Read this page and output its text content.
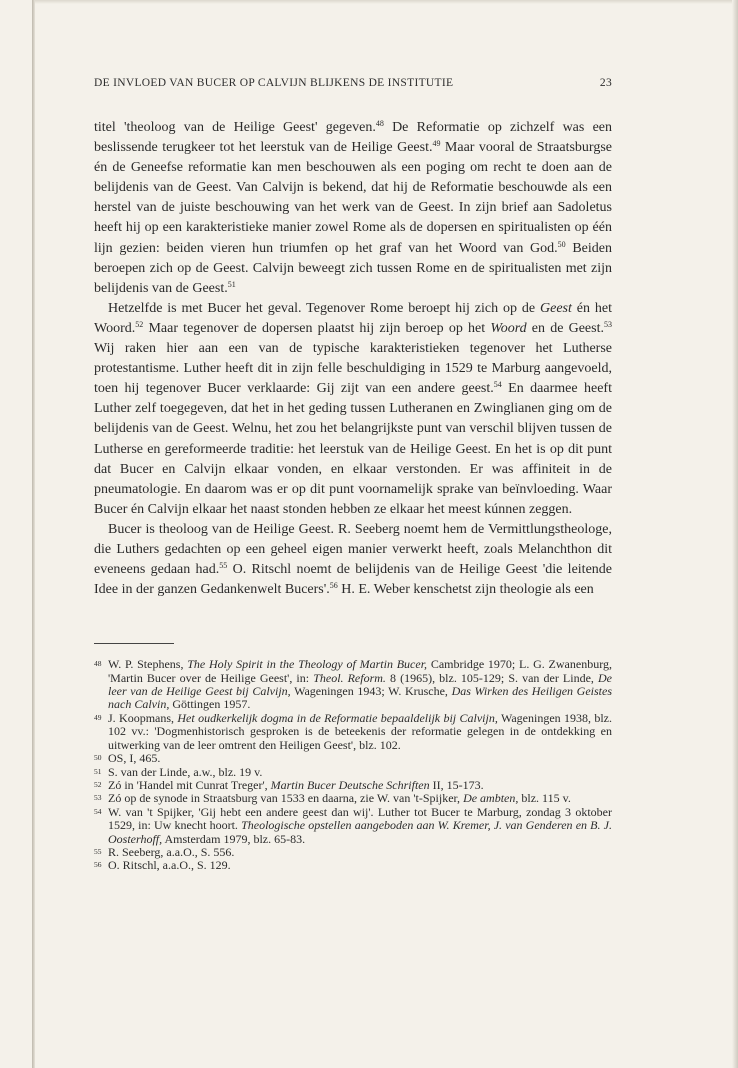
DE INVLOED VAN BUCER OP CALVIJN BLIJKENS DE INSTITUTIE	23

titel 'theoloog van de Heilige Geest' gegeven.$^{48}$ De Reformatie op zichzelf was een beslissende terugkeer tot het leerstuk van de Heilige Geest.$^{49}$ Maar vooral de Straatsburgse én de Geneefse reformatie kan men beschouwen als een poging om recht te doen aan de belijdenis van de Geest. Van Calvijn is bekend, dat hij de Reformatie beschouwde als een herstel van de juiste beschouwing van het werk van de Geest. In zijn brief aan Sadoletus heeft hij op een karakteristieke manier zowel Rome als de dopersen en spiritualisten op één lijn gezien: beiden vieren hun triumfen op het graf van het Woord van God.$^{50}$ Beiden beroepen zich op de Geest. Calvijn beweegt zich tussen Rome en de spiritualisten met zijn belijdenis van de Geest.$^{51}$

Hetzelfde is met Bucer het geval. Tegenover Rome beroept hij zich op de Geest én het Woord.$^{52}$ Maar tegenover de dopersen plaatst hij zijn beroep op het Woord en de Geest.$^{53}$ Wij raken hier aan een van de typische karakteristieken tegenover het Lutherse protestantisme. Luther heeft dit in zijn felle beschuldiging in 1529 te Marburg aangevoeld, toen hij tegenover Bucer verklaarde: Gij zijt van een andere geest.$^{54}$ En daarmee heeft Luther zelf toegegeven, dat het in het geding tussen Lutheranen en Zwinglianen ging om de belijdenis van de Geest. Welnu, het zou het belangrijkste punt van verschil blijven tussen de Lutherse en gereformeerde traditie: het leerstuk van de Heilige Geest. En het is op dit punt dat Bucer en Calvijn elkaar vonden, en elkaar verstonden. Er was affiniteit in de pneumatologie. En daarom was er op dit punt voornamelijk sprake van beïnvloeding. Waar Bucer én Calvijn elkaar het naast stonden hebben ze elkaar het meest kúnnen zeggen.

Bucer is theoloog van de Heilige Geest. R. Seeberg noemt hem de Vermittlungstheologe, die Luthers gedachten op een geheel eigen manier verwerkt heeft, zoals Melanchthon dit eveneens gedaan had.$^{55}$ O. Ritschl noemt de belijdenis van de Heilige Geest 'die leitende Idee in der ganzen Gedankenwelt Bucers'.$^{56}$ H. E. Weber kenschetst zijn theologie als een

48 W. P. Stephens, The Holy Spirit in the Theology of Martin Bucer, Cambridge 1970; L. G. Zwanenburg, 'Martin Bucer over de Heilige Geest', in: Theol. Reform. 8 (1965), blz. 105-129; S. van der Linde, De leer van de Heilige Geest bij Calvijn, Wageningen 1943; W. Krusche, Das Wirken des Heiligen Geistes nach Calvin, Göttingen 1957.
49 J. Koopmans, Het oudkerkelijk dogma in de Reformatie bepaaldelijk bij Calvijn, Wageningen 1938, blz. 102 vv.: 'Dogmenhistorisch gesproken is de beteekenis der reformatie gelegen in de ontdekking en uitwerking van de leer omtrent den Heiligen Geest', blz. 102.
50 OS, I, 465.
51 S. van der Linde, a.w., blz. 19 v.
52 Zó in 'Handel mit Cunrat Treger', Martin Bucer Deutsche Schriften II, 15-173.
53 Zó op de synode in Straatsburg van 1533 en daarna, zie W. van 't-Spijker, De ambten, blz. 115 v.
54 W. van 't Spijker, 'Gij hebt een andere geest dan wij'. Luther tot Bucer te Marburg, zondag 3 oktober 1529, in: Uw knecht hoort. Theologische opstellen aangeboden aan W. Kremer, J. van Genderen en B. J. Oosterhoff, Amsterdam 1979, blz. 65-83.
55 R. Seeberg, a.a.O., S. 556.
56 O. Ritschl, a.a.O., S. 129.
